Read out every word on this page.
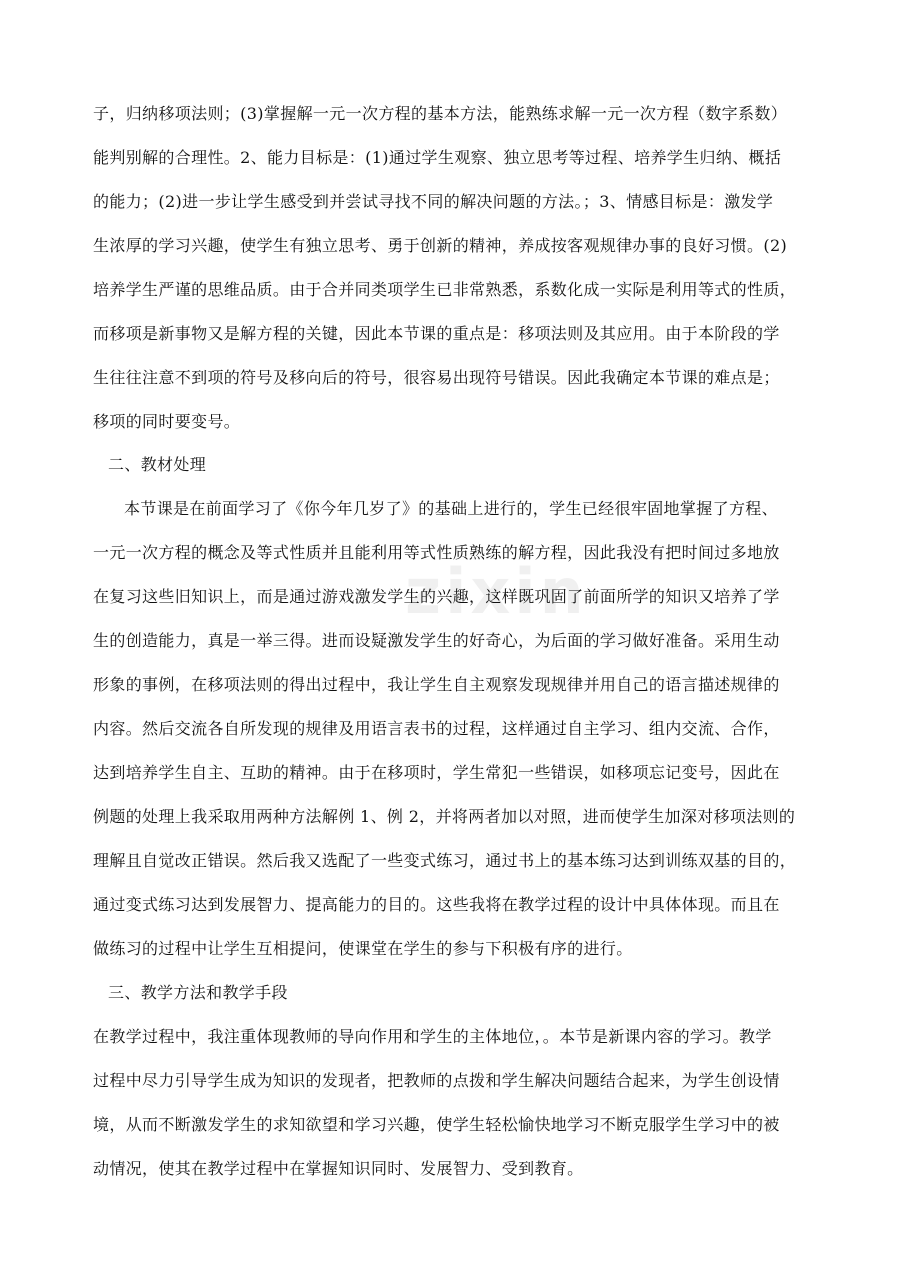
zixin
子，归纳移项法则；(3)掌握解一元一次方程的基本方法，能熟练求解一元一次方程（数字系数）
能判别解的合理性。2、能力目标是：(1)通过学生观察、独立思考等过程、培养学生归纳、概括
的能力；(2)进一步让学生感受到并尝试寻找不同的解决问题的方法。；3、情感目标是：激发学
生浓厚的学习兴趣，使学生有独立思考、勇于创新的精神，养成按客观规律办事的良好习惯。(2)
培养学生严谨的思维品质。由于合并同类项学生已非常熟悉，系数化成一实际是利用等式的性质，
而移项是新事物又是解方程的关键，因此本节课的重点是：移项法则及其应用。由于本阶段的学
生往往注意不到项的符号及移向后的符号，很容易出现符号错误。因此我确定本节课的难点是；
移项的同时要变号。
二、教材处理
本节课是在前面学习了《你今年几岁了》的基础上进行的，学生已经很牢固地掌握了方程、
一元一次方程的概念及等式性质并且能利用等式性质熟练的解方程，因此我没有把时间过多地放
在复习这些旧知识上，而是通过游戏激发学生的兴趣，这样既巩固了前面所学的知识又培养了学
生的创造能力，真是一举三得。进而设疑激发学生的好奇心，为后面的学习做好准备。采用生动
形象的事例，在移项法则的得出过程中，我让学生自主观察发现规律并用自己的语言描述规律的
内容。然后交流各自所发现的规律及用语言表书的过程，这样通过自主学习、组内交流、合作，
达到培养学生自主、互助的精神。由于在移项时，学生常犯一些错误，如移项忘记变号，因此在
例题的处理上我采取用两种方法解例 1、例 2，并将两者加以对照，进而使学生加深对移项法则的
理解且自觉改正错误。然后我又选配了一些变式练习，通过书上的基本练习达到训练双基的目的，
通过变式练习达到发展智力、提高能力的目的。这些我将在教学过程的设计中具体体现。而且在
做练习的过程中让学生互相提问，使课堂在学生的参与下积极有序的进行。
三、教学方法和教学手段
在教学过程中，我注重体现教师的导向作用和学生的主体地位，。本节是新课内容的学习。教学
过程中尽力引导学生成为知识的发现者，把教师的点拨和学生解决问题结合起来，为学生创设情
境，从而不断激发学生的求知欲望和学习兴趣，使学生轻松愉快地学习不断克服学生学习中的被
动情况，使其在教学过程中在掌握知识同时、发展智力、受到教育。
